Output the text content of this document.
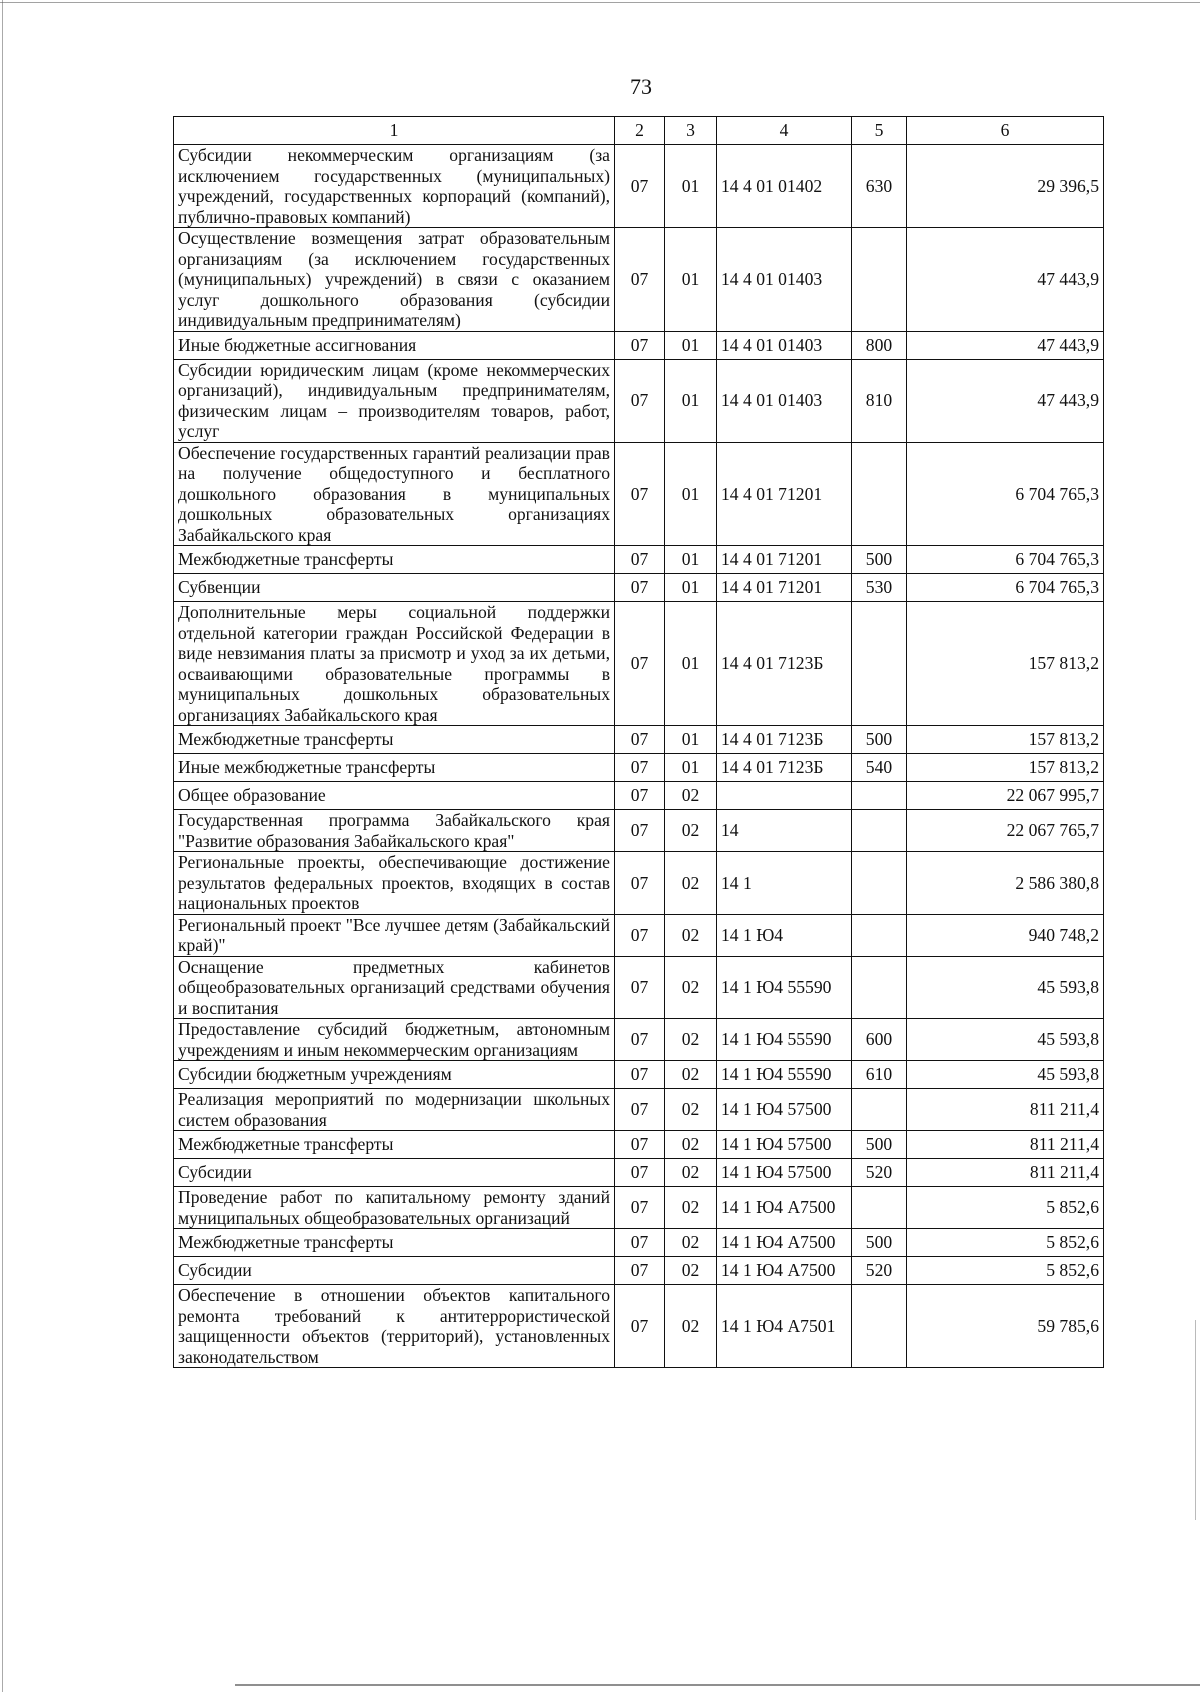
73
1	2	3	4	5	6
Субсидии некоммерческим организациям (за исключением государственных (муниципальных) учреждений, государственных корпораций (компаний), публично-правовых компаний)	07	01	14 4 01 01402	630	29 396,5
Осуществление возмещения затрат образовательным организациям (за исключением государственных (муниципальных) учреждений) в связи с оказанием услуг дошкольного образования (субсидии индивидуальным предпринимателям)	07	01	14 4 01 01403		47 443,9
Иные бюджетные ассигнования	07	01	14 4 01 01403	800	47 443,9
Субсидии юридическим лицам (кроме некоммерческих организаций), индивидуальным предпринимателям, физическим лицам – производителям товаров, работ, услуг	07	01	14 4 01 01403	810	47 443,9
Обеспечение государственных гарантий реализации прав на получение общедоступного и бесплатного дошкольного образования в муниципальных дошкольных образовательных организациях Забайкальского края	07	01	14 4 01 71201		6 704 765,3
Межбюджетные трансферты	07	01	14 4 01 71201	500	6 704 765,3
Субвенции	07	01	14 4 01 71201	530	6 704 765,3
Дополнительные меры социальной поддержки отдельной категории граждан Российской Федерации в виде невзимания платы за присмотр и уход за их детьми, осваивающими образовательные программы в муниципальных дошкольных образовательных организациях Забайкальского края	07	01	14 4 01 7123Б		157 813,2
Межбюджетные трансферты	07	01	14 4 01 7123Б	500	157 813,2
Иные межбюджетные трансферты	07	01	14 4 01 7123Б	540	157 813,2
Общее образование	07	02			22 067 995,7
Государственная программа Забайкальского края "Развитие образования Забайкальского края"	07	02	14		22 067 765,7
Региональные проекты, обеспечивающие достижение результатов федеральных проектов, входящих в состав национальных проектов	07	02	14 1		2 586 380,8
Региональный проект "Все лучшее детям (Забайкальский край)"	07	02	14 1 Ю4		940 748,2
Оснащение предметных кабинетов общеобразовательных организаций средствами обучения и воспитания	07	02	14 1 Ю4 55590		45 593,8
Предоставление субсидий бюджетным, автономным учреждениям и иным некоммерческим организациям	07	02	14 1 Ю4 55590	600	45 593,8
Субсидии бюджетным учреждениям	07	02	14 1 Ю4 55590	610	45 593,8
Реализация мероприятий по модернизации школьных систем образования	07	02	14 1 Ю4 57500		811 211,4
Межбюджетные трансферты	07	02	14 1 Ю4 57500	500	811 211,4
Субсидии	07	02	14 1 Ю4 57500	520	811 211,4
Проведение работ по капитальному ремонту зданий муниципальных общеобразовательных организаций	07	02	14 1 Ю4 А7500		5 852,6
Межбюджетные трансферты	07	02	14 1 Ю4 А7500	500	5 852,6
Субсидии	07	02	14 1 Ю4 А7500	520	5 852,6
Обеспечение в отношении объектов капитального ремонта требований к антитеррористической защищенности объектов (территорий), установленных законодательством	07	02	14 1 Ю4 А7501		59 785,6
